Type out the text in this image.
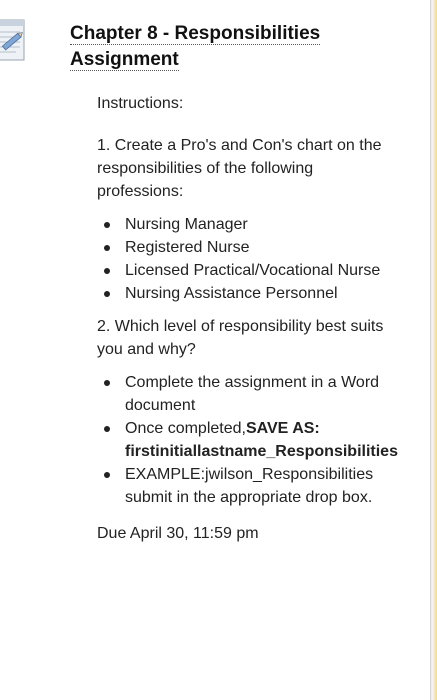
Chapter 8 - Responsibilities Assignment

Instructions:

1. Create a Pro's and Con's chart on the responsibilities of the following professions:

Nursing Manager
Registered Nurse
Licensed Practical/Vocational Nurse
Nursing Assistance Personnel

2. Which level of responsibility best suits you and why?

Complete the assignment in a Word document
Once completed,SAVE AS:
firstinitiallastname_Responsibilities
EXAMPLE:jwilson_Responsibilities
submit in the appropriate drop box.

Due April 30, 11:59 pm
